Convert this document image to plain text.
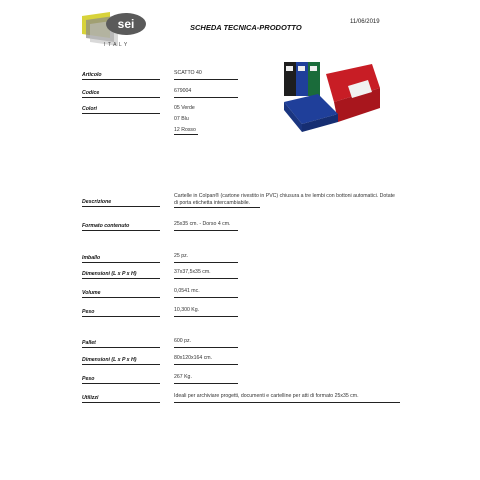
sei
ITALY
SCHEDA TECNICA-PRODOTTO
11/06/2019
Articolo	SCATTO 40
Codice	679004
Colori	05 Verde
07 Blu
12 Rosso
Descrizione
Cartelle in Colpan® (cartone rivestito in PVC) chiusura a tre lembi con bottoni automatici. Dotate
di porta etichetta intercambiabile.
Formato contenuto	25x35 cm. - Dorso 4 cm.
Imballo	25 pz.
Dimensioni (L x P x H)	37x37,5x35 cm.
Volume	0,0541 mc.
Peso	10,300 Kg.
Pallet	600 pz.
Dimensioni (L x P x H)	80x120x164 cm.
Peso	267 Kg.
Utilizzi	Ideali per archiviare progetti, documenti e cartelline per atti di formato 25x35 cm.
